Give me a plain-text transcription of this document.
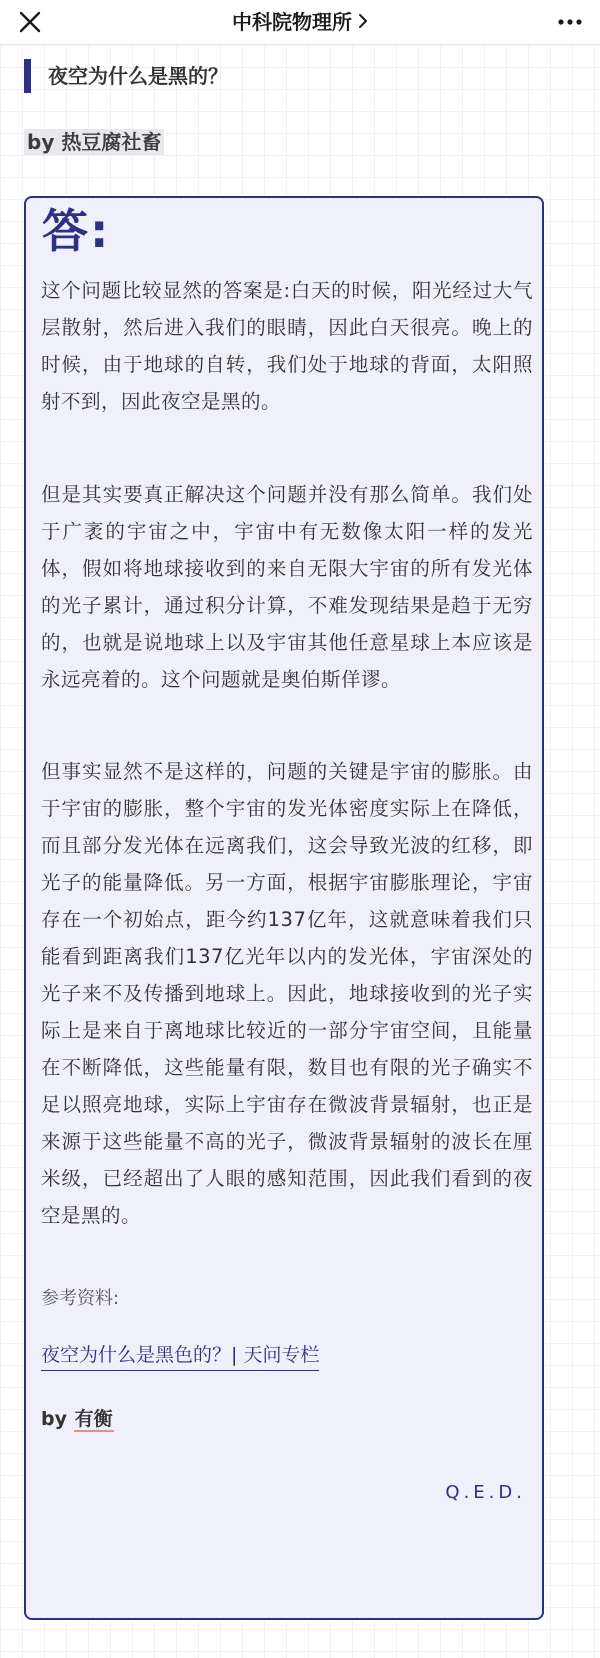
中科院物理所
夜空为什么是黑的？
by 热豆腐社畜
答:

这个问题比较显然的答案是:白天的时候，阳光经过大气层散射，然后进入我们的眼睛，因此白天很亮。晚上的时候，由于地球的自转，我们处于地球的背面，太阳照射不到，因此夜空是黑的。

但是其实要真正解决这个问题并没有那么简单。我们处于广袤的宇宙之中，宇宙中有无数像太阳一样的发光体，假如将地球接收到的来自无限大宇宙的所有发光体的光子累计，通过积分计算，不难发现结果是趋于无穷的，也就是说地球上以及宇宙其他任意星球上本应该是永远亮着的。这个问题就是奥伯斯佯谬。

但事实显然不是这样的，问题的关键是宇宙的膨胀。由于宇宙的膨胀，整个宇宙的发光体密度实际上在降低，而且部分发光体在远离我们，这会导致光波的红移，即光子的能量降低。另一方面，根据宇宙膨胀理论，宇宙存在一个初始点，距今约137亿年，这就意味着我们只能看到距离我们137亿光年以内的发光体，宇宙深处的光子来不及传播到地球上。因此，地球接收到的光子实际上是来自于离地球比较近的一部分宇宙空间，且能量在不断降低，这些能量有限，数目也有限的光子确实不足以照亮地球，实际上宇宙存在微波背景辐射，也正是来源于这些能量不高的光子，微波背景辐射的波长在厘米级，已经超出了人眼的感知范围，因此我们看到的夜空是黑的。

参考资料:
夜空为什么是黑色的？| 天问专栏
by 有衡
Q.E.D.
